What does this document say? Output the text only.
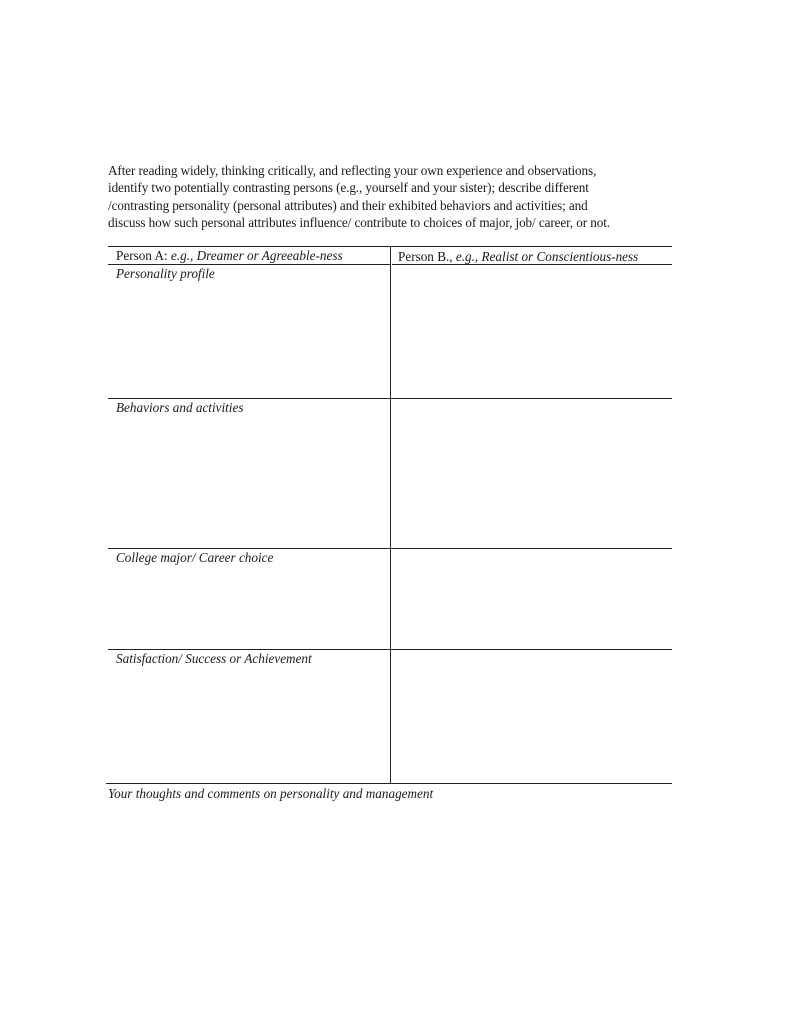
After reading widely, thinking critically, and reflecting your own experience and observations,
identify two potentially contrasting persons (e.g., yourself and your sister); describe different
/contrasting personality (personal attributes) and their exhibited behaviors and activities; and
discuss how such personal attributes influence/ contribute to choices of major, job/ career, or not.
Person A: e.g., Dreamer or Agreeable-ness	Person B., e.g., Realist or Conscientious-ness
Personality profile
Behaviors and activities
College major/ Career choice
Satisfaction/ Success or Achievement
Your thoughts and comments on personality and management
